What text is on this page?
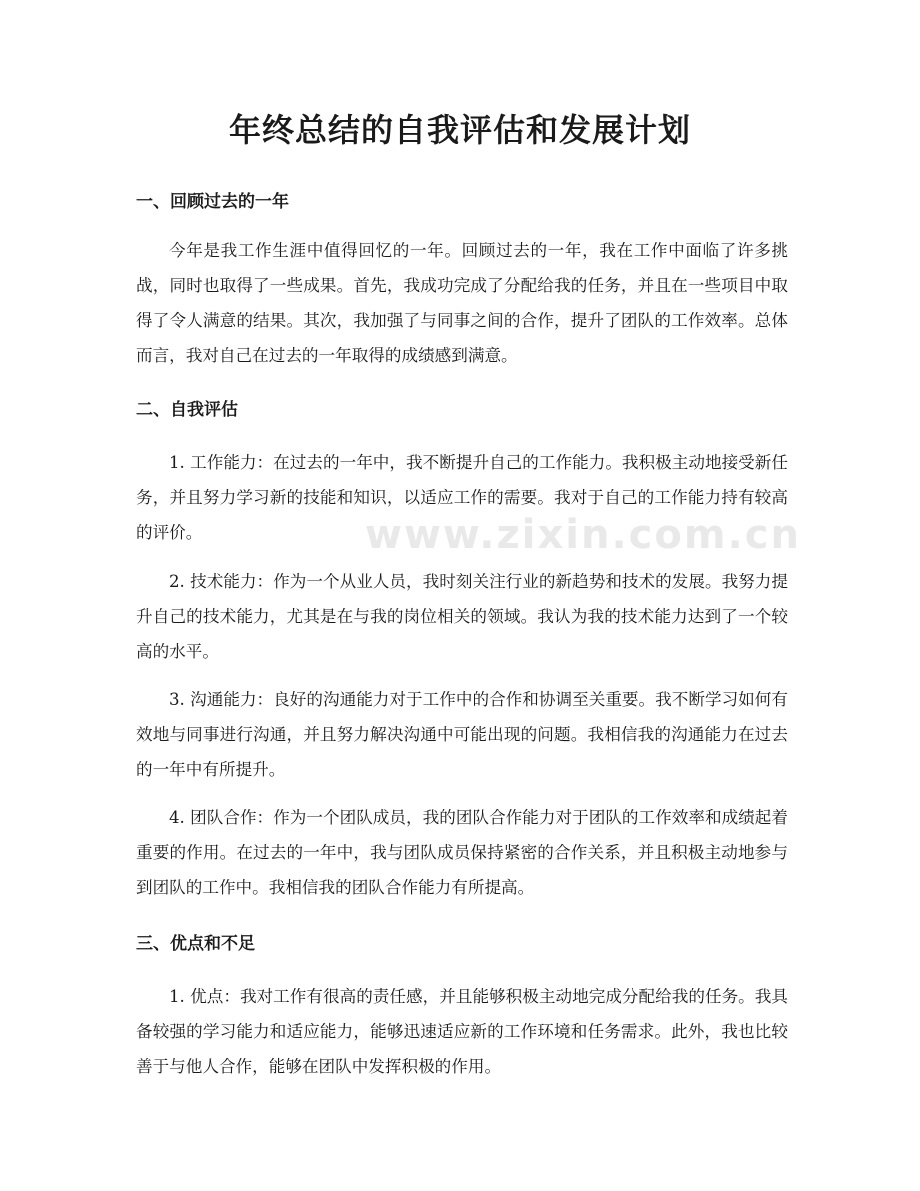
www.zixin.com.cn
年终总结的自我评估和发展计划
一、回顾过去的一年

今年是我工作生涯中值得回忆的一年。回顾过去的一年，我在工作中面临了许多挑战，同时也取得了一些成果。首先，我成功完成了分配给我的任务，并且在一些项目中取得了令人满意的结果。其次，我加强了与同事之间的合作，提升了团队的工作效率。总体而言，我对自己在过去的一年取得的成绩感到满意。

二、自我评估

1. 工作能力：在过去的一年中，我不断提升自己的工作能力。我积极主动地接受新任务，并且努力学习新的技能和知识，以适应工作的需要。我对于自己的工作能力持有较高的评价。

2. 技术能力：作为一个从业人员，我时刻关注行业的新趋势和技术的发展。我努力提升自己的技术能力，尤其是在与我的岗位相关的领域。我认为我的技术能力达到了一个较高的水平。

3. 沟通能力：良好的沟通能力对于工作中的合作和协调至关重要。我不断学习如何有效地与同事进行沟通，并且努力解决沟通中可能出现的问题。我相信我的沟通能力在过去的一年中有所提升。

4. 团队合作：作为一个团队成员，我的团队合作能力对于团队的工作效率和成绩起着重要的作用。在过去的一年中，我与团队成员保持紧密的合作关系，并且积极主动地参与到团队的工作中。我相信我的团队合作能力有所提高。

三、优点和不足

1. 优点：我对工作有很高的责任感，并且能够积极主动地完成分配给我的任务。我具备较强的学习能力和适应能力，能够迅速适应新的工作环境和任务需求。此外，我也比较善于与他人合作，能够在团队中发挥积极的作用。
